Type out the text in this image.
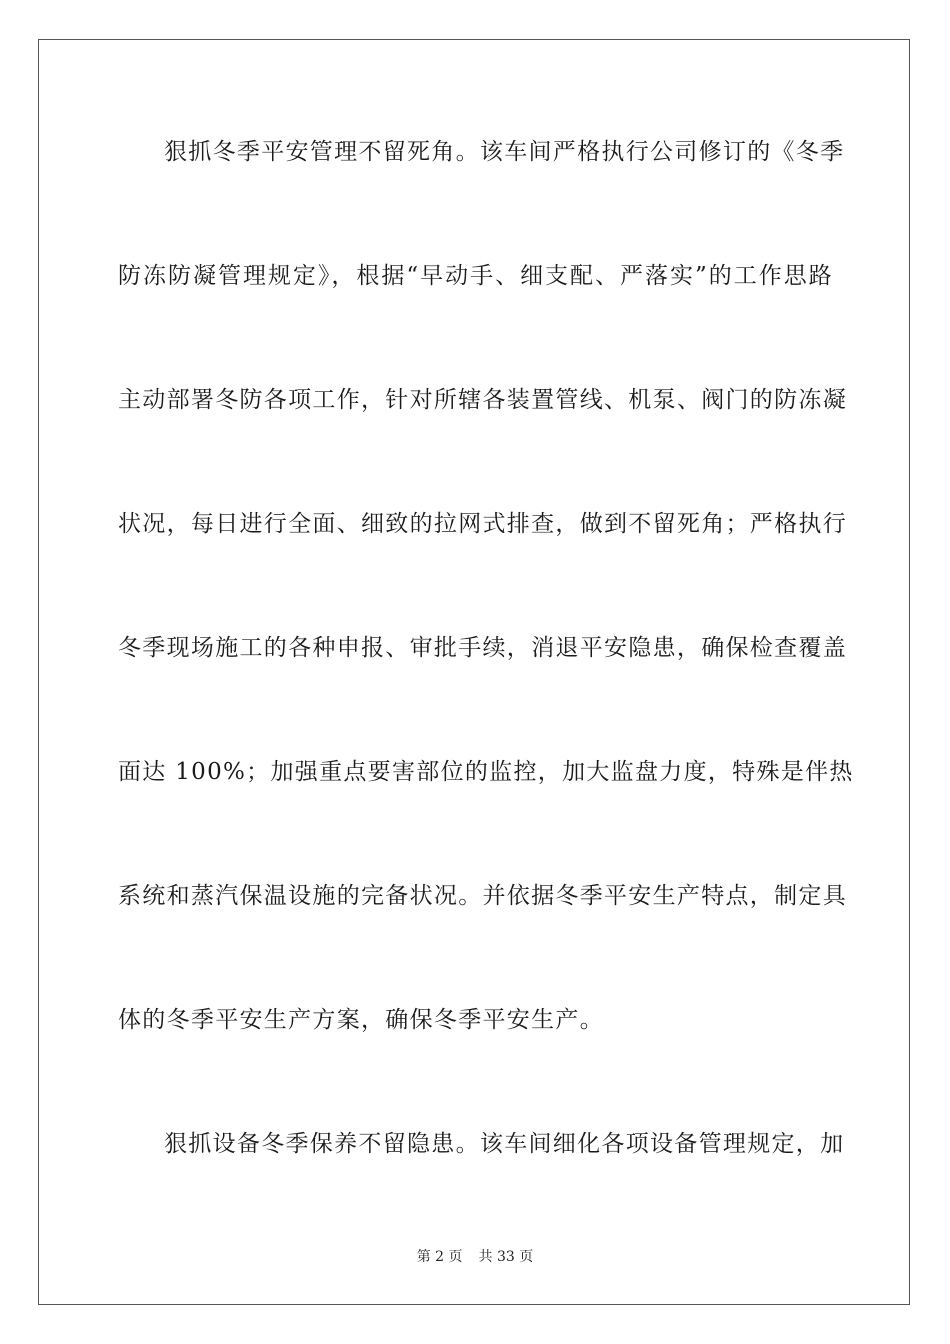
狠抓冬季平安管理不留死角。该车间严格执行公司修订的《冬季
防冻防凝管理规定》，根据“早动手、细支配、严落实”的工作思路
主动部署冬防各项工作，针对所辖各装置管线、机泵、阀门的防冻凝
状况，每日进行全面、细致的拉网式排查，做到不留死角；严格执行
冬季现场施工的各种申报、审批手续，消退平安隐患，确保检查覆盖
面达 100%；加强重点要害部位的监控，加大监盘力度，特殊是伴热
系统和蒸汽保温设施的完备状况。并依据冬季平安生产特点，制定具
体的冬季平安生产方案，确保冬季平安生产。
狠抓设备冬季保养不留隐患。该车间细化各项设备管理规定，加
第 2 页 共 33 页
